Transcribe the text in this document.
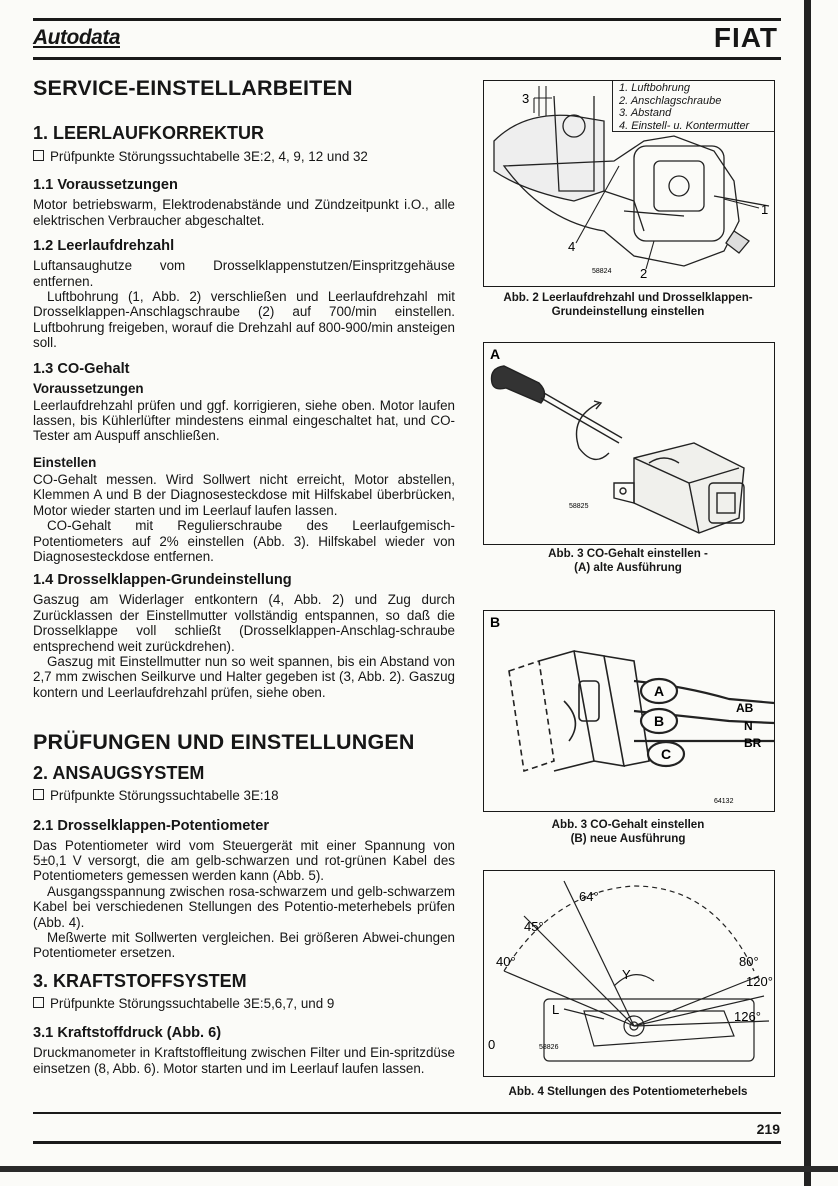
Autodata	FIAT
SERVICE-EINSTELLARBEITEN
1. LEERLAUFKORREKTUR

Prüfpunkte Störungssuchtabelle 3E:2, 4, 9, 12 und 32

1.1 Voraussetzungen

Motor betriebswarm, Elektrodenabstände und Zündzeitpunkt i.O., alle elektrischen Verbraucher abgeschaltet.

1.2 Leerlaufdrehzahl

Luftansaughutze vom Drosselklappenstutzen/Einspritzgehäuse entfernen.

Luftbohrung (1, Abb. 2) verschließen und Leerlaufdrehzahl mit Drosselklappen-Anschlagschraube (2) auf 700/min einstellen. Luftbohrung freigeben, worauf die Drehzahl auf 800-900/min ansteigen soll.

1.3 CO-Gehalt
Voraussetzungen

Leerlaufdrehzahl prüfen und ggf. korrigieren, siehe oben. Motor laufen lassen, bis Kühlerlüfter mindestens einmal eingeschaltet hat, und CO-Tester am Auspuff anschließen.

Einstellen

CO-Gehalt messen. Wird Sollwert nicht erreicht, Motor abstellen, Klemmen A und B der Diagnosesteckdose mit Hilfskabel überbrücken, Motor wieder starten und im Leerlauf laufen lassen.

CO-Gehalt mit Regulierschraube des Leerlaufgemisch-Potentiometers auf 2% einstellen (Abb. 3). Hilfskabel wieder von Diagnosesteckdose entfernen.

1.4 Drosselklappen-Grundeinstellung

Gaszug am Widerlager entkontern (4, Abb. 2) und Zug durch Zurücklassen der Einstellmutter vollständig entspannen, so daß die Drosselklappe voll schließt (Drosselklappen-Anschlag-schraube entsprechend weit zurückdrehen).

Gaszug mit Einstellmutter nun so weit spannen, bis ein Abstand von 2,7 mm zwischen Seilkurve und Halter gegeben ist (3, Abb. 2). Gaszug kontern und Leerlaufdrehzahl prüfen, siehe oben.

PRÜFUNGEN UND EINSTELLUNGEN
2. ANSAUGSYSTEM

Prüfpunkte Störungssuchtabelle 3E:18

2.1 Drosselklappen-Potentiometer

Das Potentiometer wird vom Steuergerät mit einer Spannung von 5±0,1 V versorgt, die am gelb-schwarzen und rot-grünen Kabel des Potentiometers gemessen werden kann (Abb. 5).

Ausgangsspannung zwischen rosa-schwarzem und gelb-schwarzem Kabel bei verschiedenen Stellungen des Potentio-meterhebels prüfen (Abb. 4).

Meßwerte mit Sollwerten vergleichen. Bei größeren Abwei-chungen Potentiometer ersetzen.

3. KRAFTSTOFFSYSTEM

Prüfpunkte Störungssuchtabelle 3E:5,6,7, und 9

3.1 Kraftstoffdruck (Abb. 6)

Druckmanometer in Kraftstoffleitung zwischen Filter und Ein-spritzdüse einsetzen (8, Abb. 6). Motor starten und im Leerlauf laufen lassen.

3
1
4
2
58824
1. Luftbohrung
2. Anschlagschraube
3. Abstand
4. Einstell- u. Kontermutter
Abb. 2 Leerlaufdrehzahl und Drosselklappen-
Grundeinstellung einstellen
A
58825
Abb. 3 CO-Gehalt einstellen -
(A) alte Ausführung
B
A
B
C
AB
N
BR
64132
Abb. 3 CO-Gehalt einstellen
(B) neue Ausführung
64°
45°
40°	80°
120°
126°
Y
L
0	58826
Abb. 4 Stellungen des Potentiometerhebels
219
